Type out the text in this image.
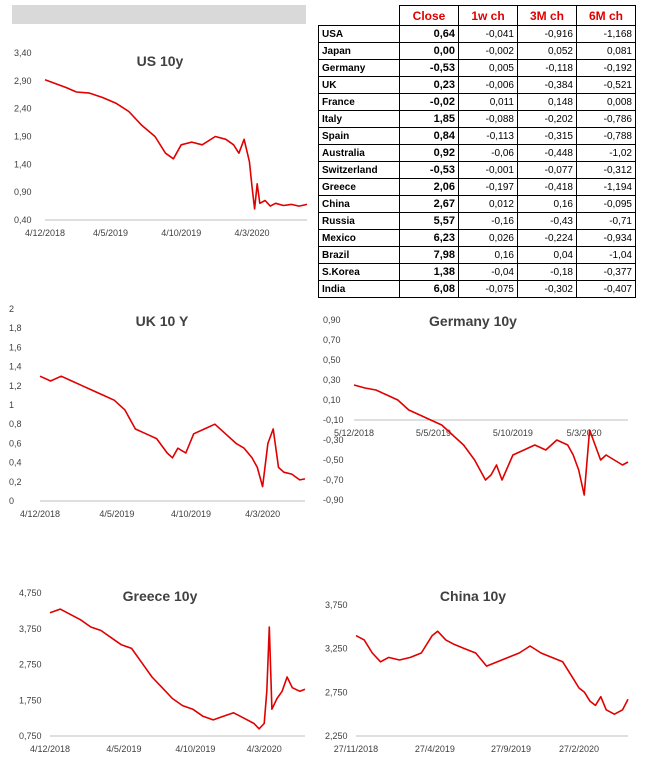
US 10y
0,40
0,90
1,40
1,90
2,40
2,90
3,40
4/12/2018	4/5/2019	4/10/2019	4/3/2020
UK 10 Y
0
0,2
0,4
0,6
0,8
1
1,2
1,4
1,6
1,8
2
4/12/2018	4/5/2019	4/10/2019	4/3/2020
Germany 10y
-0,90
-0,70
-0,50
-0,30
-0,10
0,10
0,30
0,50
0,70
0,90
5/12/2018	5/5/2019	5/10/2019	5/3/2020
Greece 10y
0,750
1,750
2,750
3,750
4,750
4/12/2018	4/5/2019	4/10/2019	4/3/2020
China 10y
2,250
2,750
3,250
3,750
27/11/2018	27/4/2019	27/9/2019	27/2/2020
	Close	1w ch	3M ch	6M ch
USA	0,64	-0,041	-0,916	-1,168
Japan	0,00	-0,002	0,052	0,081
Germany	-0,53	0,005	-0,118	-0,192
UK	0,23	-0,006	-0,384	-0,521
France	-0,02	0,011	0,148	0,008
Italy	1,85	-0,088	-0,202	-0,786
Spain	0,84	-0,113	-0,315	-0,788
Australia	0,92	-0,06	-0,448	-1,02
Switzerland	-0,53	-0,001	-0,077	-0,312
Greece	2,06	-0,197	-0,418	-1,194
China	2,67	0,012	0,16	-0,095
Russia	5,57	-0,16	-0,43	-0,71
Mexico	6,23	0,026	-0,224	-0,934
Brazil	7,98	0,16	0,04	-1,04
S.Korea	1,38	-0,04	-0,18	-0,377
India	6,08	-0,075	-0,302	-0,407
